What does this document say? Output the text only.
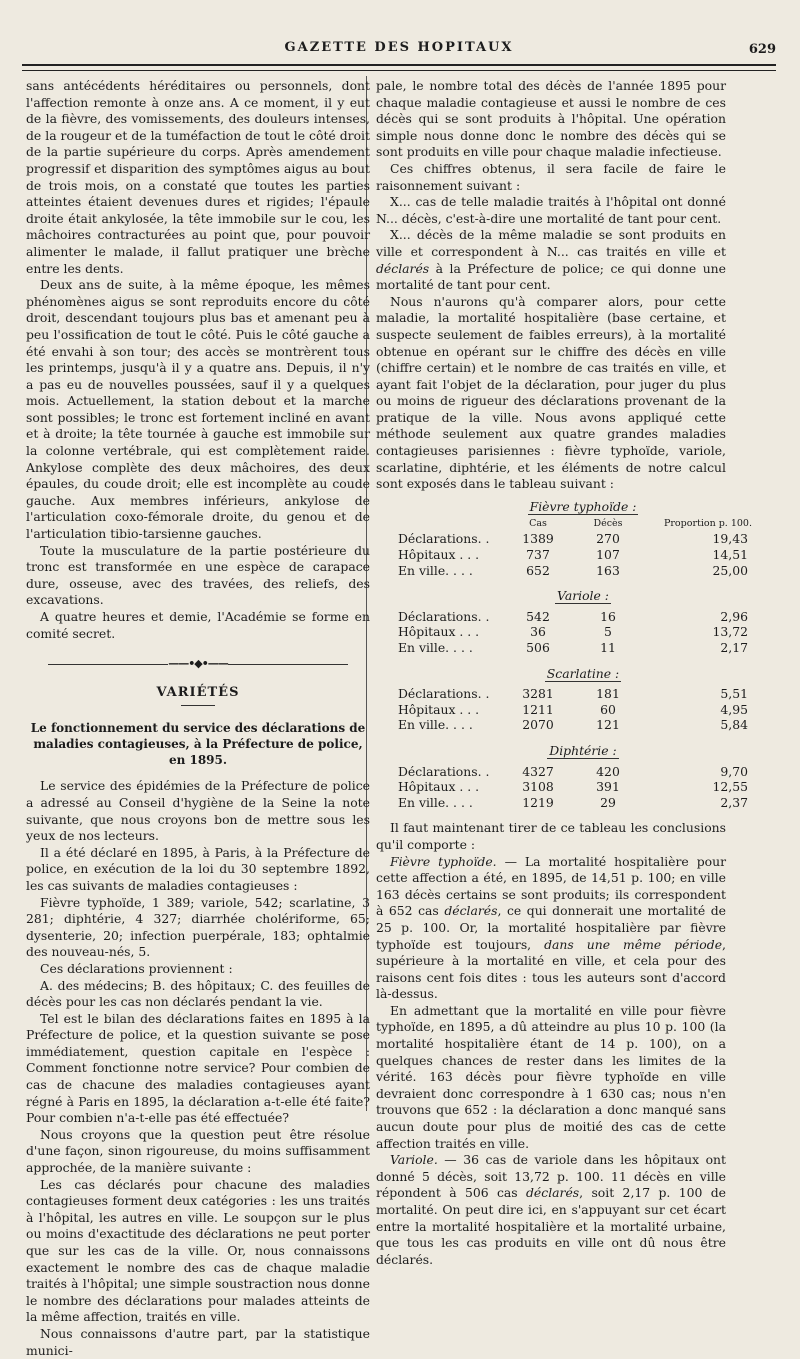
GAZETTE DES HOPITAUX	629

sans antécédents héréditaires ou personnels, dont l'affection remonte à onze ans. A ce moment, il y eut de la fièvre, des vomissements, des douleurs intenses, de la rougeur et de la tuméfaction de tout le côté droit de la partie supérieure du corps. Après amendement progressif et disparition des symptômes aigus au bout de trois mois, on a constaté que toutes les parties atteintes étaient devenues dures et rigides; l'épaule droite était ankylosée, la tête immobile sur le cou, les mâchoires contracturées au point que, pour pouvoir alimenter le malade, il fallut pratiquer une brèche entre les dents.

Deux ans de suite, à la même époque, les mêmes phénomènes aigus se sont reproduits encore du côté droit, descendant toujours plus bas et amenant peu à peu l'ossification de tout le côté. Puis le côté gauche a été envahi à son tour; des accès se montrèrent tous les printemps, jusqu'à il y a quatre ans. Depuis, il n'y a pas eu de nouvelles poussées, sauf il y a quelques mois. Actuellement, la station debout et la marche sont possibles; le tronc est fortement incliné en avant et à droite; la tête tournée à gauche est immobile sur la colonne vertébrale, qui est complètement raide. Ankylose complète des deux mâchoires, des deux épaules, du coude droit; elle est incomplète au coude gauche. Aux membres inférieurs, ankylose de l'articulation coxo-fémorale droite, du genou et de l'articulation tibio-tarsienne gauches.

Toute la musculature de la partie postérieure du tronc est transformée en une espèce de carapace dure, osseuse, avec des travées, des reliefs, des excavations.

A quatre heures et demie, l'Académie se forme en comité secret.

——•◆•——
VARIÉTÉS
Le fonctionnement du service des déclarations de maladies contagieuses, à la Préfecture de police, en 1895.

Le service des épidémies de la Préfecture de police a adressé au Conseil d'hygiène de la Seine la note suivante, que nous croyons bon de mettre sous les yeux de nos lecteurs.

Il a été déclaré en 1895, à Paris, à la Préfecture de police, en exécution de la loi du 30 septembre 1892, les cas suivants de maladies contagieuses :

Fièvre typhoïde, 1 389; variole, 542; scarlatine, 3 281; diphtérie, 4 327; diarrhée cholériforme, 65; dysenterie, 20; infection puerpérale, 183; ophtalmie des nouveau-nés, 5.

Ces déclarations proviennent :

A. des médecins; B. des hôpitaux; C. des feuilles de décès pour les cas non déclarés pendant la vie.

Tel est le bilan des déclarations faites en 1895 à la Préfecture de police, et la question suivante se pose immédiatement, question capitale en l'espèce : Comment fonctionne notre service? Pour combien de cas de chacune des maladies contagieuses ayant régné à Paris en 1895, la déclaration a-t-elle été faite? Pour combien n'a-t-elle pas été effectuée?

Nous croyons que la question peut être résolue d'une façon, sinon rigoureuse, du moins suffisamment approchée, de la manière suivante :

Les cas déclarés pour chacune des maladies contagieuses forment deux catégories : les uns traités à l'hôpital, les autres en ville. Le soupçon sur le plus ou moins d'exactitude des déclarations ne peut porter que sur les cas de la ville. Or, nous connaissons exactement le nombre des cas de chaque maladie traités à l'hôpital; une simple soustraction nous donne le nombre des déclarations pour malades atteints de la même affection, traités en ville.

Nous connaissons d'autre part, par la statistique munici-

pale, le nombre total des décès de l'année 1895 pour chaque maladie contagieuse et aussi le nombre de ces décès qui se sont produits à l'hôpital. Une opération simple nous donne donc le nombre des décès qui se sont produits en ville pour chaque maladie infectieuse.

Ces chiffres obtenus, il sera facile de faire le raisonnement suivant :

X... cas de telle maladie traités à l'hôpital ont donné N... décès, c'est-à-dire une mortalité de tant pour cent.

X... décès de la même maladie se sont produits en ville et correspondent à N... cas traités en ville et déclarés à la Préfecture de police; ce qui donne une mortalité de tant pour cent.

Nous n'aurons qu'à comparer alors, pour cette maladie, la mortalité hospitalière (base certaine, et suspecte seulement de faibles erreurs), à la mortalité obtenue en opérant sur le chiffre des décès en ville (chiffre certain) et le nombre de cas traités en ville, et ayant fait l'objet de la déclaration, pour juger du plus ou moins de rigueur des déclarations provenant de la pratique de la ville. Nous avons appliqué cette méthode seulement aux quatre grandes maladies contagieuses parisiennes : fièvre typhoïde, variole, scarlatine, diphtérie, et les éléments de notre calcul sont exposés dans le tableau suivant :

Fièvre typhoïde :
Cas	Décès	Proportion p. 100.
Déclarations. .	1389	270	19,43
Hôpitaux . . .	737	107	14,51
En ville. . . .	652	163	25,00
Variole :
Déclarations. .	542	16	2,96
Hôpitaux . . .	36	5	13,72
En ville. . . .	506	11	2,17
Scarlatine :
Déclarations. .	3281	181	5,51
Hôpitaux . . .	1211	60	4,95
En ville. . . .	2070	121	5,84
Diphtérie :
Déclarations. .	4327	420	9,70
Hôpitaux . . .	3108	391	12,55
En ville. . . .	1219	29	2,37

Il faut maintenant tirer de ce tableau les conclusions qu'il comporte :

Fièvre typhoïde. — La mortalité hospitalière pour cette affection a été, en 1895, de 14,51 p. 100; en ville 163 décès certains se sont produits; ils correspondent à 652 cas déclarés, ce qui donnerait une mortalité de 25 p. 100. Or, la mortalité hospitalière par fièvre typhoïde est toujours, dans une même période, supérieure à la mortalité en ville, et cela pour des raisons cent fois dites : tous les auteurs sont d'accord là-dessus.

En admettant que la mortalité en ville pour fièvre typhoïde, en 1895, a dû atteindre au plus 10 p. 100 (la mortalité hospitalière étant de 14 p. 100), on a quelques chances de rester dans les limites de la vérité. 163 décès pour fièvre typhoïde en ville devraient donc correspondre à 1 630 cas; nous n'en trouvons que 652 : la déclaration a donc manqué sans aucun doute pour plus de moitié des cas de cette affection traités en ville.

Variole. — 36 cas de variole dans les hôpitaux ont donné 5 décès, soit 13,72 p. 100. 11 décès en ville répondent à 506 cas déclarés, soit 2,17 p. 100 de mortalité. On peut dire ici, en s'appuyant sur cet écart entre la mortalité hospitalière et la mortalité urbaine, que tous les cas produits en ville ont dû nous être déclarés.
